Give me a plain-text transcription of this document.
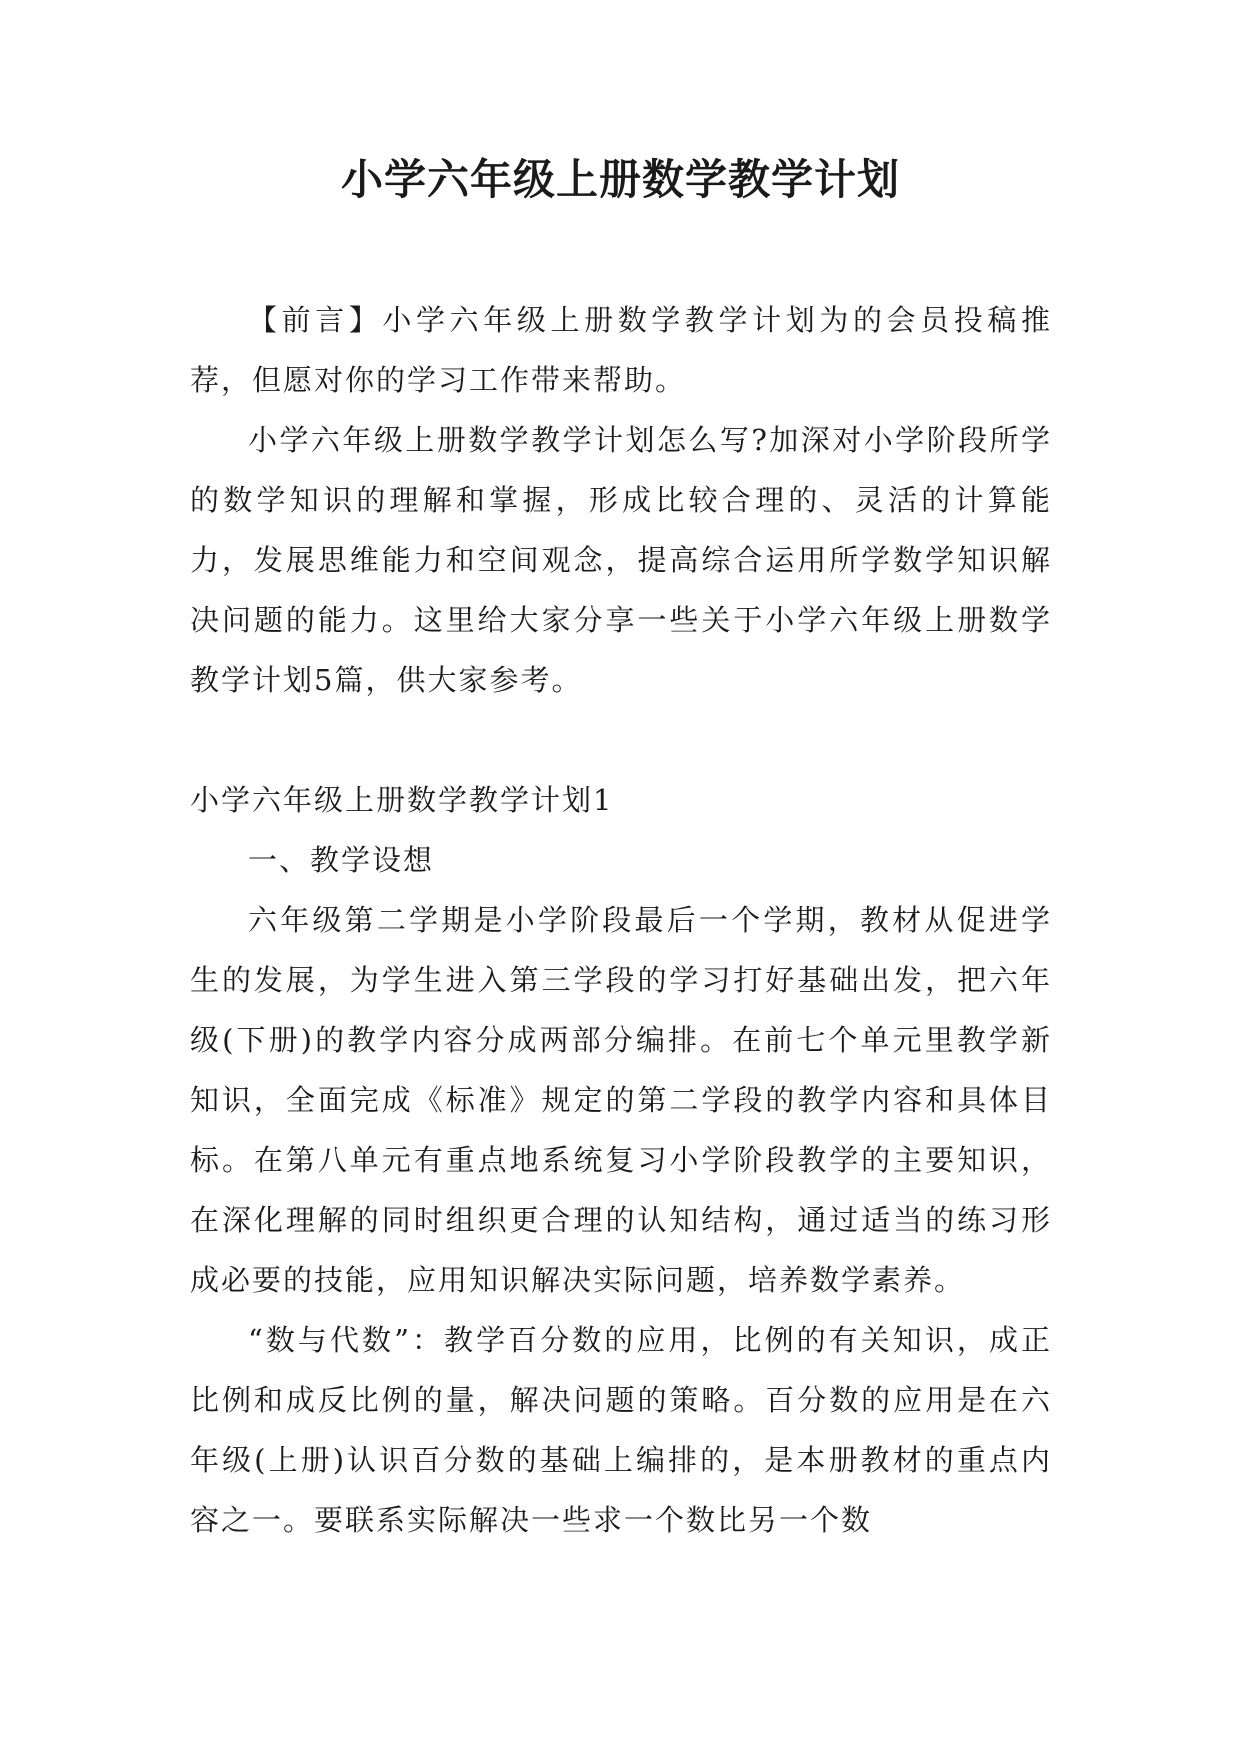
小学六年级上册数学教学计划

【前言】小学六年级上册数学教学计划为的会员投稿推荐，但愿对你的学习工作带来帮助。

小学六年级上册数学教学计划怎么写?加深对小学阶段所学的数学知识的理解和掌握，形成比较合理的、灵活的计算能力，发展思维能力和空间观念，提高综合运用所学数学知识解决问题的能力。这里给大家分享一些关于小学六年级上册数学教学计划5篇，供大家参考。

小学六年级上册数学教学计划1

一、教学设想

六年级第二学期是小学阶段最后一个学期，教材从促进学生的发展，为学生进入第三学段的学习打好基础出发，把六年级(下册)的教学内容分成两部分编排。在前七个单元里教学新知识，全面完成《标准》规定的第二学段的教学内容和具体目标。在第八单元有重点地系统复习小学阶段教学的主要知识，在深化理解的同时组织更合理的认知结构，通过适当的练习形成必要的技能，应用知识解决实际问题，培养数学素养。

“数与代数”：教学百分数的应用，比例的有关知识，成正比例和成反比例的量，解决问题的策略。百分数的应用是在六年级(上册)认识百分数的基础上编排的，是本册教材的重点内容之一。要联系实际解决一些求一个数比另一个数
